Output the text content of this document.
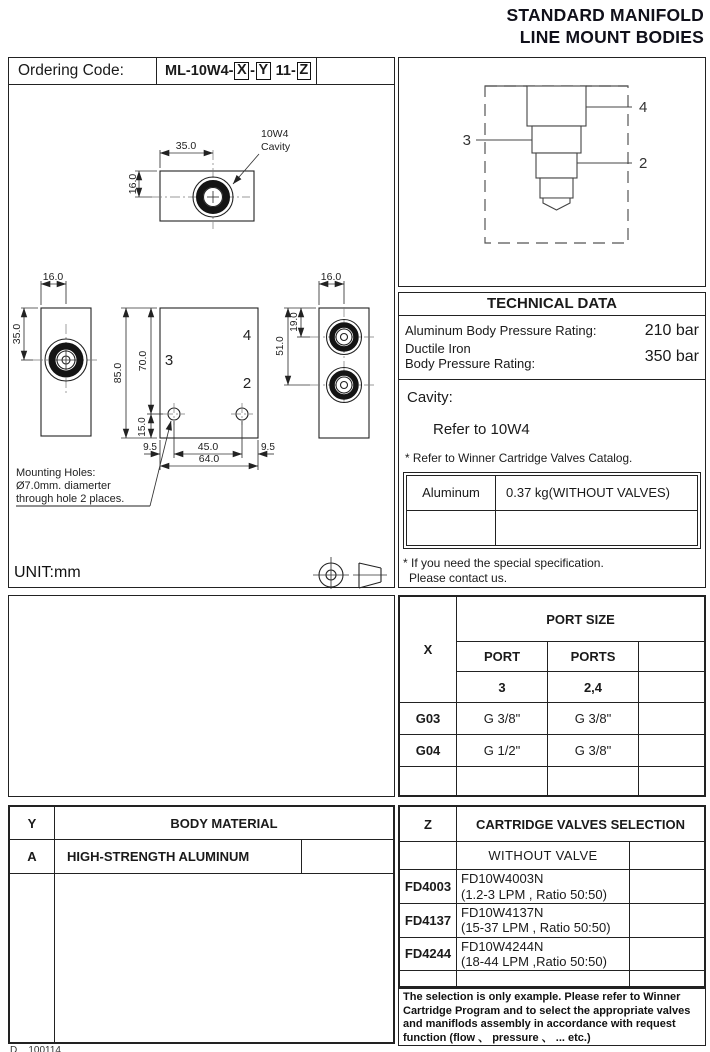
STANDARD MANIFOLD
LINE MOUNT BODIES
Ordering Code:	ML-10W4- X - Y 11- Z
35.0
16.0
10W4
Cavity
16.0
35.0
3
4
2
85.0
70.0
15.0
9.5	45.0	9.5
64.0
16.0
19.0
51.0
Mounting Holes:
Ø7.0mm. diamerter
through hole 2 places.
UNIT:mm
4
3
2
TECHNICAL DATA
Aluminum Body Pressure Rating:	210 bar
Ductile Iron
Body Pressure Rating:	350 bar
Cavity:
Refer to 10W4
* Refer to Winner Cartridge Valves Catalog.
Aluminum	0.37 kg(WITHOUT VALVES)

* If you need the special specification.
Please contact us.
X	PORT SIZE		
	PORT	PORTS	
	3	2,4	
G03	G 3/8"	G 3/8"	
G04	G 1/2"	G 3/8"	

Y	BODY MATERIAL	
A	HIGH-STRENGTH ALUMINUM	

Z	CARTRIDGE VALVES SELECTION	
	WITHOUT VALVE	
FD4003	FD10W4003N
(1.2-3 LPM , Ratio 50:50)	

FD4137	FD10W4137N
(15-37 LPM , Ratio 50:50)	

FD4244	FD10W4244N
(18-44 LPM ,Ratio 50:50)	

The selection is only example. Please refer to Winner Cartridge Program and to select the appropriate valves and maniflods assembly in accordance with request function (flow 、 pressure 、 ... etc.)
D    100114
